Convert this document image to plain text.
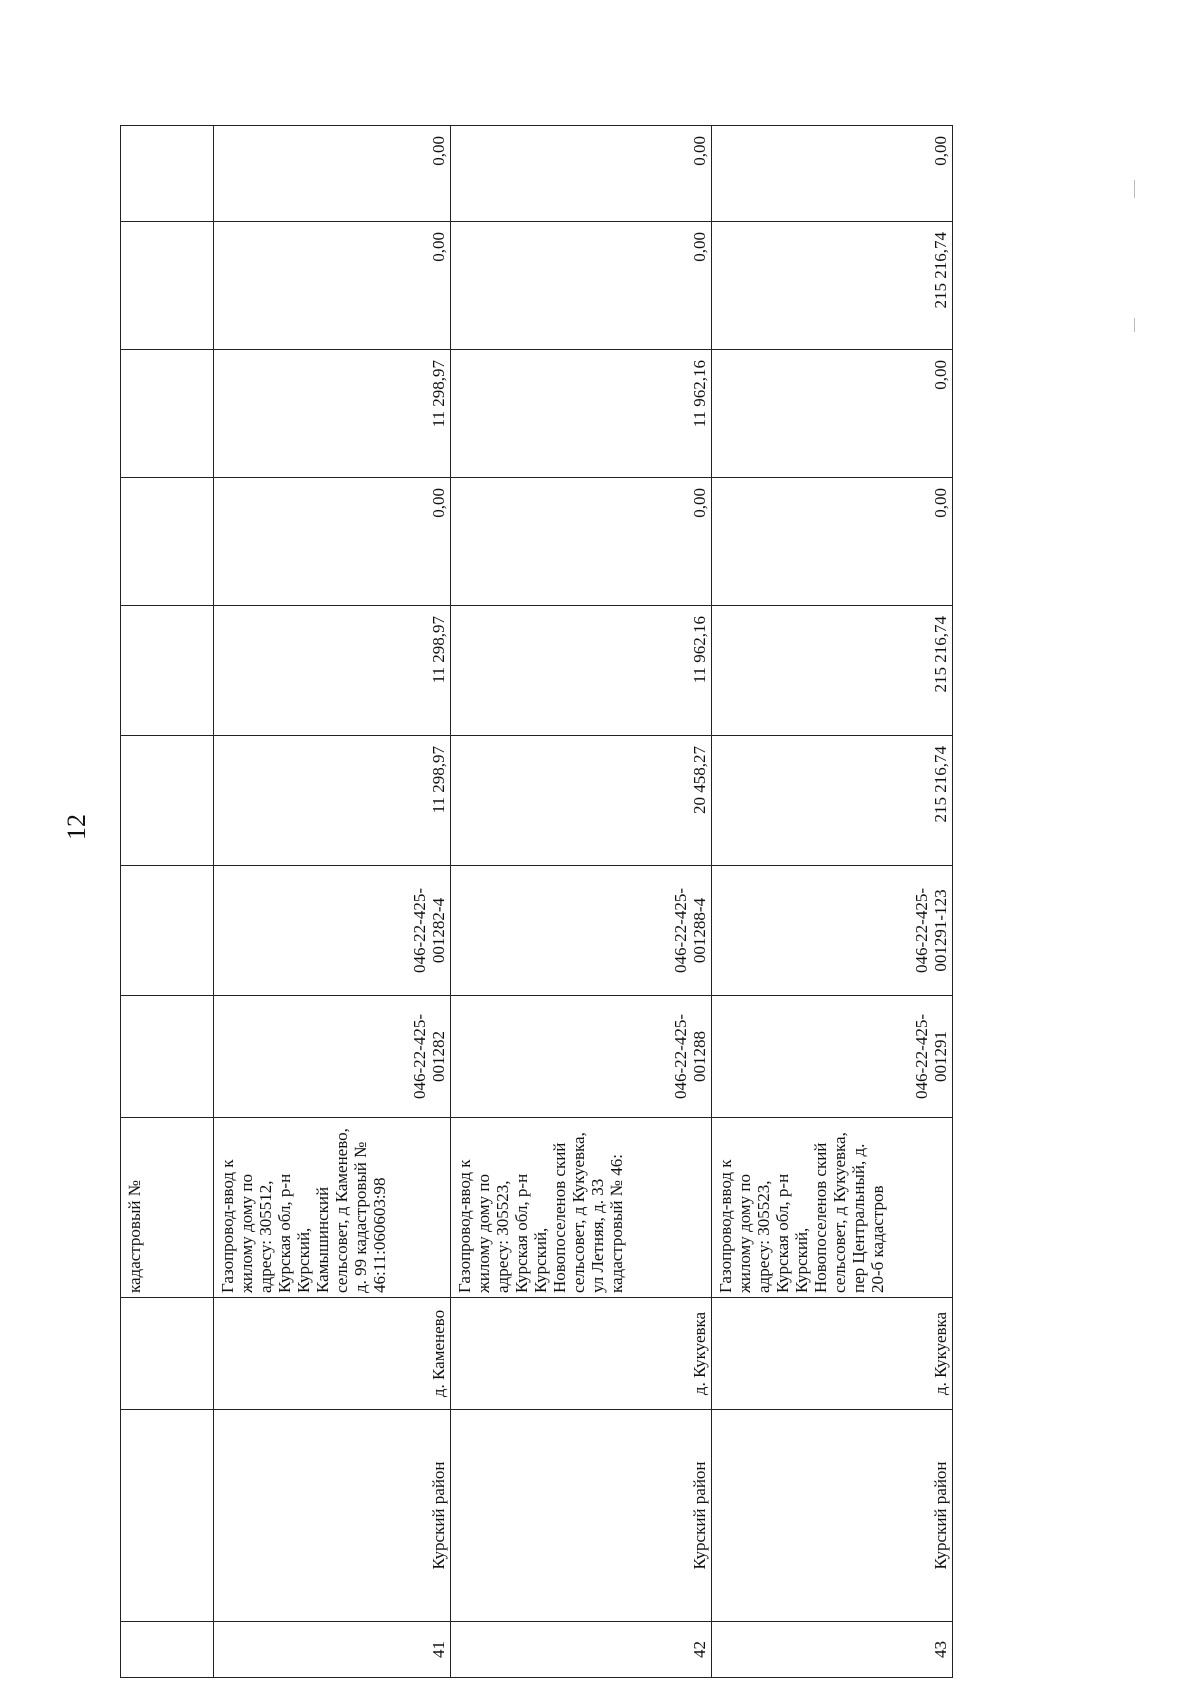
12
			кадастровый №								
41	Курский район	д. Каменево	Газопровод-ввод к жилому дому по адресу: 305512, Курская обл, р-н Курский, Камышинский сельсовет, д Каменево, д. 99 кадастровый № 46:11:060603:98	046-22-425-001282	046-22-425-001282-4	11 298,97	11 298,97	0,00	11 298,97	0,00	0,00
42	Курский район	д. Кукуевка	Газопровод-ввод к жилому дому по адресу: 305523, Курская обл, р-н Курский, Новопоселенов ский сельсовет, д Кукуевка, ул Летняя, д. 33 кадастровый № 46:	046-22-425-001288	046-22-425-001288-4	20 458,27	11 962,16	0,00	11 962,16	0,00	0,00
43	Курский район	д. Кукуевка	Газопровод-ввод к жилому дому по адресу: 305523, Курская обл, р-н Курский, Новопоселенов ский сельсовет, д Кукуевка, пер Центральный, д. 20-б кадастров	046-22-425-001291	046-22-425-001291-123	215 216,74	215 216,74	0,00	0,00	215 216,74	0,00
